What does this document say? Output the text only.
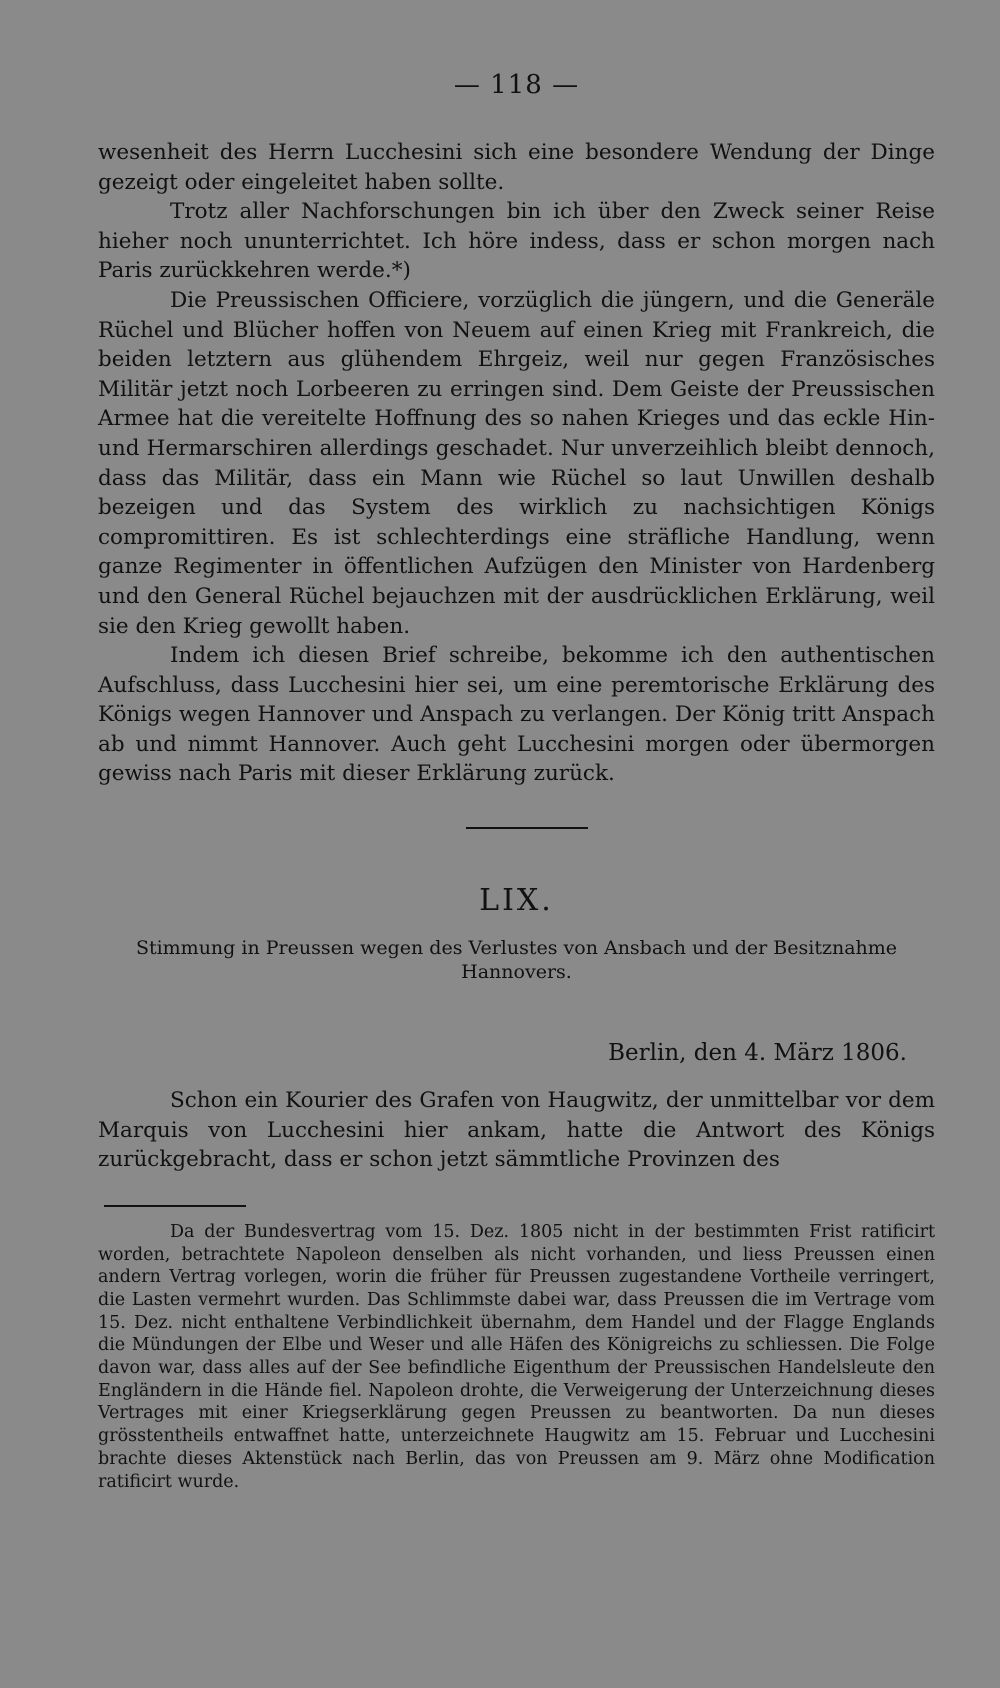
— 118 —

wesenheit des Herrn Lucchesini sich eine besondere Wendung der Dinge gezeigt oder eingeleitet haben sollte.

Trotz aller Nachforschungen bin ich über den Zweck seiner Reise hieher noch ununterrichtet. Ich höre indess, dass er schon morgen nach Paris zurückkehren werde.*)

Die Preussischen Officiere, vorzüglich die jüngern, und die Generäle Rüchel und Blücher hoffen von Neuem auf einen Krieg mit Frankreich, die beiden letztern aus glühendem Ehrgeiz, weil nur gegen Französisches Militär jetzt noch Lorbeeren zu erringen sind. Dem Geiste der Preussischen Armee hat die vereitelte Hoffnung des so nahen Krieges und das eckle Hin- und Hermarschiren allerdings geschadet. Nur unverzeihlich bleibt dennoch, dass das Militär, dass ein Mann wie Rüchel so laut Unwillen deshalb bezeigen und das System des wirklich zu nachsichtigen Königs compromittiren. Es ist schlechterdings eine sträfliche Handlung, wenn ganze Regimenter in öffentlichen Aufzügen den Minister von Hardenberg und den General Rüchel bejauchzen mit der ausdrücklichen Erklärung, weil sie den Krieg gewollt haben.

Indem ich diesen Brief schreibe, bekomme ich den authentischen Aufschluss, dass Lucchesini hier sei, um eine peremtorische Erklärung des Königs wegen Hannover und Anspach zu verlangen. Der König tritt Anspach ab und nimmt Hannover. Auch geht Lucchesini morgen oder übermorgen gewiss nach Paris mit dieser Erklärung zurück.

LIX.

Stimmung in Preussen wegen des Verlustes von Ansbach und der Besitznahme

Hannovers.

Berlin, den 4. März 1806.

Schon ein Kourier des Grafen von Haugwitz, der unmittelbar vor dem Marquis von Lucchesini hier ankam, hatte die Antwort des Königs zurückgebracht, dass er schon jetzt sämmtliche Provinzen des

Da der Bundesvertrag vom 15. Dez. 1805 nicht in der bestimmten Frist ratificirt worden, betrachtete Napoleon denselben als nicht vorhanden, und liess Preussen einen andern Vertrag vorlegen, worin die früher für Preussen zugestandene Vortheile verringert, die Lasten vermehrt wurden. Das Schlimmste dabei war, dass Preussen die im Vertrage vom 15. Dez. nicht enthaltene Verbindlichkeit übernahm, dem Handel und der Flagge Englands die Mündungen der Elbe und Weser und alle Häfen des Königreichs zu schliessen. Die Folge davon war, dass alles auf der See befindliche Eigenthum der Preussischen Handelsleute den Engländern in die Hände fiel. Napoleon drohte, die Verweigerung der Unterzeichnung dieses Vertrages mit einer Kriegserklärung gegen Preussen zu beantworten. Da nun dieses grösstentheils entwaffnet hatte, unterzeichnete Haugwitz am 15. Februar und Lucchesini brachte dieses Aktenstück nach Berlin, das von Preussen am 9. März ohne Modification ratificirt wurde.
